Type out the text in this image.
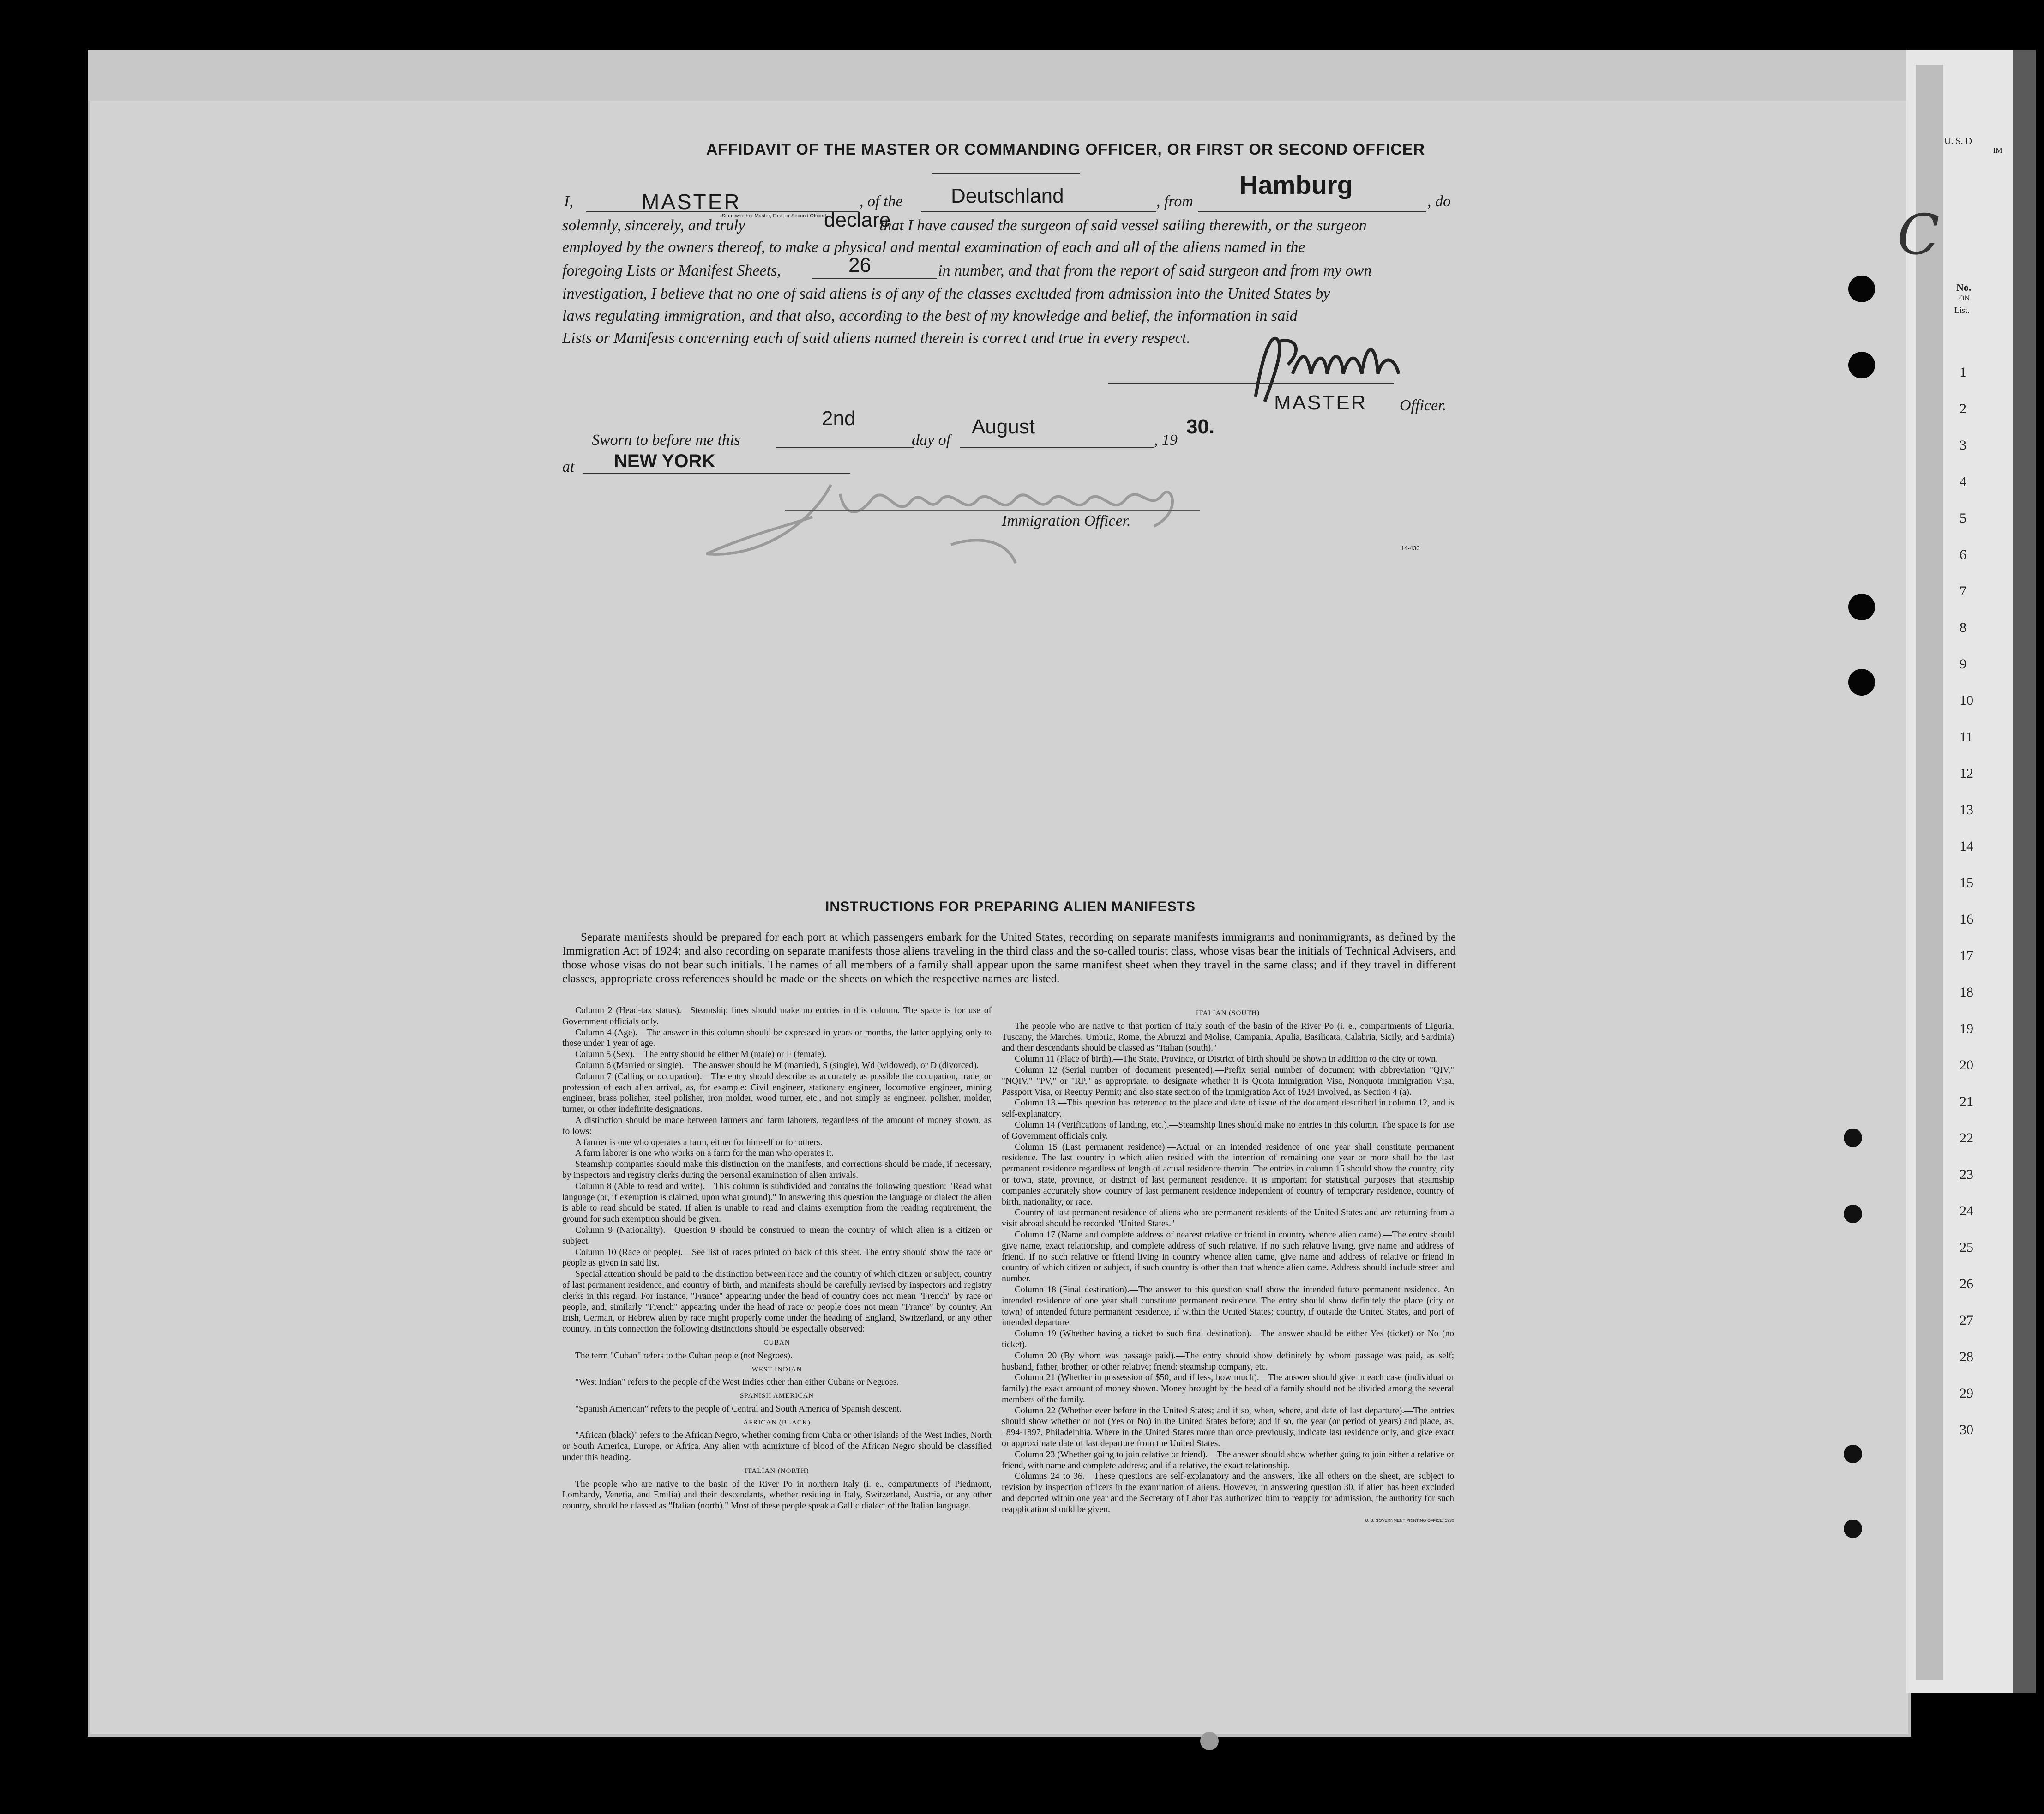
U. S. D
IM
C
No.
ON
List.
1
2
3
4
5
6
7
8
9
10
11
12
13
14
15
16
17
18
19
20
21
22
23
24
25
26
27
28
29
30
AFFIDAVIT OF THE MASTER OR COMMANDING OFFICER, OR FIRST OR SECOND OFFICER
I,	MASTER
(State whether Master, First, or Second Officer)
, of the Deutschland	, from
Hamburg
, do
solemnly, sincerely, and truly	declare
that I have caused the surgeon of said vessel sailing therewith, or the surgeon
employed by the owners thereof, to make a physical and mental examination of each and all of the aliens named in the
foregoing Lists or Manifest Sheets,	26	in number, and that from the report of said surgeon and from my own
investigation, I believe that no one of said aliens is of any of the classes excluded from admission into the United States by
laws regulating immigration, and that also, according to the best of my knowledge and belief, the information in said
Lists or Manifests concerning each of said aliens named therein is correct and true in every respect.
MASTER Officer.
Sworn to before me this
2nd
day of
August
, 19
30.
at NEW YORK
Immigration Officer.
14-430
INSTRUCTIONS FOR PREPARING ALIEN MANIFESTS
Separate manifests should be prepared for each port at which passengers embark for the United States, recording on separate manifests immigrants and nonimmigrants, as defined by the Immigration Act of 1924; and also recording on separate manifests those aliens traveling in the third class and the so-called tourist class, whose visas bear the initials of Technical Advisers, and those whose visas do not bear such initials. The names of all members of a family shall appear upon the same manifest sheet when they travel in the same class; and if they travel in different classes, appropriate cross references should be made on the sheets on which the respective names are listed.

Column 2 (Head-tax status).—Steamship lines should make no entries in this column. The space is for use of Government officials only.

Column 4 (Age).—The answer in this column should be expressed in years or months, the latter applying only to those under 1 year of age.

Column 5 (Sex).—The entry should be either M (male) or F (female).

Column 6 (Married or single).—The answer should be M (married), S (single), Wd (widowed), or D (divorced).

Column 7 (Calling or occupation).—The entry should describe as accurately as possible the occupation, trade, or profession of each alien arrival, as, for example: Civil engineer, stationary engineer, locomotive engineer, mining engineer, brass polisher, steel polisher, iron molder, wood turner, etc., and not simply as engineer, polisher, molder, turner, or other indefinite designations.

A distinction should be made between farmers and farm laborers, regardless of the amount of money shown, as follows:

A farmer is one who operates a farm, either for himself or for others.

A farm laborer is one who works on a farm for the man who operates it.

Steamship companies should make this distinction on the manifests, and corrections should be made, if necessary, by inspectors and registry clerks during the personal examination of alien arrivals.

Column 8 (Able to read and write).—This column is subdivided and contains the following question: "Read what language (or, if exemption is claimed, upon what ground)." In answering this question the language or dialect the alien is able to read should be stated. If alien is unable to read and claims exemption from the reading requirement, the ground for such exemption should be given.

Column 9 (Nationality).—Question 9 should be construed to mean the country of which alien is a citizen or subject.

Column 10 (Race or people).—See list of races printed on back of this sheet. The entry should show the race or people as given in said list.

Special attention should be paid to the distinction between race and the country of which citizen or subject, country of last permanent residence, and country of birth, and manifests should be carefully revised by inspectors and registry clerks in this regard. For instance, "France" appearing under the head of country does not mean "French" by race or people, and, similarly "French" appearing under the head of race or people does not mean "France" by country. An Irish, German, or Hebrew alien by race might properly come under the heading of England, Switzerland, or any other country. In this connection the following distinctions should be especially observed:

CUBAN

The term "Cuban" refers to the Cuban people (not Negroes).

WEST INDIAN

"West Indian" refers to the people of the West Indies other than either Cubans or Negroes.

SPANISH AMERICAN

"Spanish American" refers to the people of Central and South America of Spanish descent.

AFRICAN (BLACK)

"African (black)" refers to the African Negro, whether coming from Cuba or other islands of the West Indies, North or South America, Europe, or Africa. Any alien with admixture of blood of the African Negro should be classified under this heading.

ITALIAN (NORTH)

The people who are native to the basin of the River Po in northern Italy (i. e., compartments of Piedmont, Lombardy, Venetia, and Emilia) and their descendants, whether residing in Italy, Switzerland, Austria, or any other country, should be classed as "Italian (north)." Most of these people speak a Gallic dialect of the Italian language.

ITALIAN (SOUTH)

The people who are native to that portion of Italy south of the basin of the River Po (i. e., compartments of Liguria, Tuscany, the Marches, Umbria, Rome, the Abruzzi and Molise, Campania, Apulia, Basilicata, Calabria, Sicily, and Sardinia) and their descendants should be classed as "Italian (south)."

Column 11 (Place of birth).—The State, Province, or District of birth should be shown in addition to the city or town.

Column 12 (Serial number of document presented).—Prefix serial number of document with abbreviation "QIV," "NQIV," "PV," or "RP," as appropriate, to designate whether it is Quota Immigration Visa, Nonquota Immigration Visa, Passport Visa, or Reentry Permit; and also state section of the Immigration Act of 1924 involved, as Section 4 (a).

Column 13.—This question has reference to the place and date of issue of the document described in column 12, and is self-explanatory.

Column 14 (Verifications of landing, etc.).—Steamship lines should make no entries in this column. The space is for use of Government officials only.

Column 15 (Last permanent residence).—Actual or an intended residence of one year shall constitute permanent residence. The last country in which alien resided with the intention of remaining one year or more shall be the last permanent residence regardless of length of actual residence therein. The entries in column 15 should show the country, city or town, state, province, or district of last permanent residence. It is important for statistical purposes that steamship companies accurately show country of last permanent residence independent of country of temporary residence, country of birth, nationality, or race.

Country of last permanent residence of aliens who are permanent residents of the United States and are returning from a visit abroad should be recorded "United States."

Column 17 (Name and complete address of nearest relative or friend in country whence alien came).—The entry should give name, exact relationship, and complete address of such relative. If no such relative living, give name and address of friend. If no such relative or friend living in country whence alien came, give name and address of relative or friend in country of which citizen or subject, if such country is other than that whence alien came. Address should include street and number.

Column 18 (Final destination).—The answer to this question shall show the intended future permanent residence. An intended residence of one year shall constitute permanent residence. The entry should show definitely the place (city or town) of intended future permanent residence, if within the United States; country, if outside the United States, and port of intended departure.

Column 19 (Whether having a ticket to such final destination).—The answer should be either Yes (ticket) or No (no ticket).

Column 20 (By whom was passage paid).—The entry should show definitely by whom passage was paid, as self; husband, father, brother, or other relative; friend; steamship company, etc.

Column 21 (Whether in possession of $50, and if less, how much).—The answer should give in each case (individual or family) the exact amount of money shown. Money brought by the head of a family should not be divided among the several members of the family.

Column 22 (Whether ever before in the United States; and if so, when, where, and date of last departure).—The entries should show whether or not (Yes or No) in the United States before; and if so, the year (or period of years) and place, as, 1894-1897, Philadelphia. Where in the United States more than once previously, indicate last residence only, and give exact or approximate date of last departure from the United States.

Column 23 (Whether going to join relative or friend).—The answer should show whether going to join either a relative or friend, with name and complete address; and if a relative, the exact relationship.

Columns 24 to 36.—These questions are self-explanatory and the answers, like all others on the sheet, are subject to revision by inspection officers in the examination of aliens. However, in answering question 30, if alien has been excluded and deported within one year and the Secretary of Labor has authorized him to reapply for admission, the authority for such reapplication should be given.

U. S. GOVERNMENT PRINTING OFFICE: 1930
